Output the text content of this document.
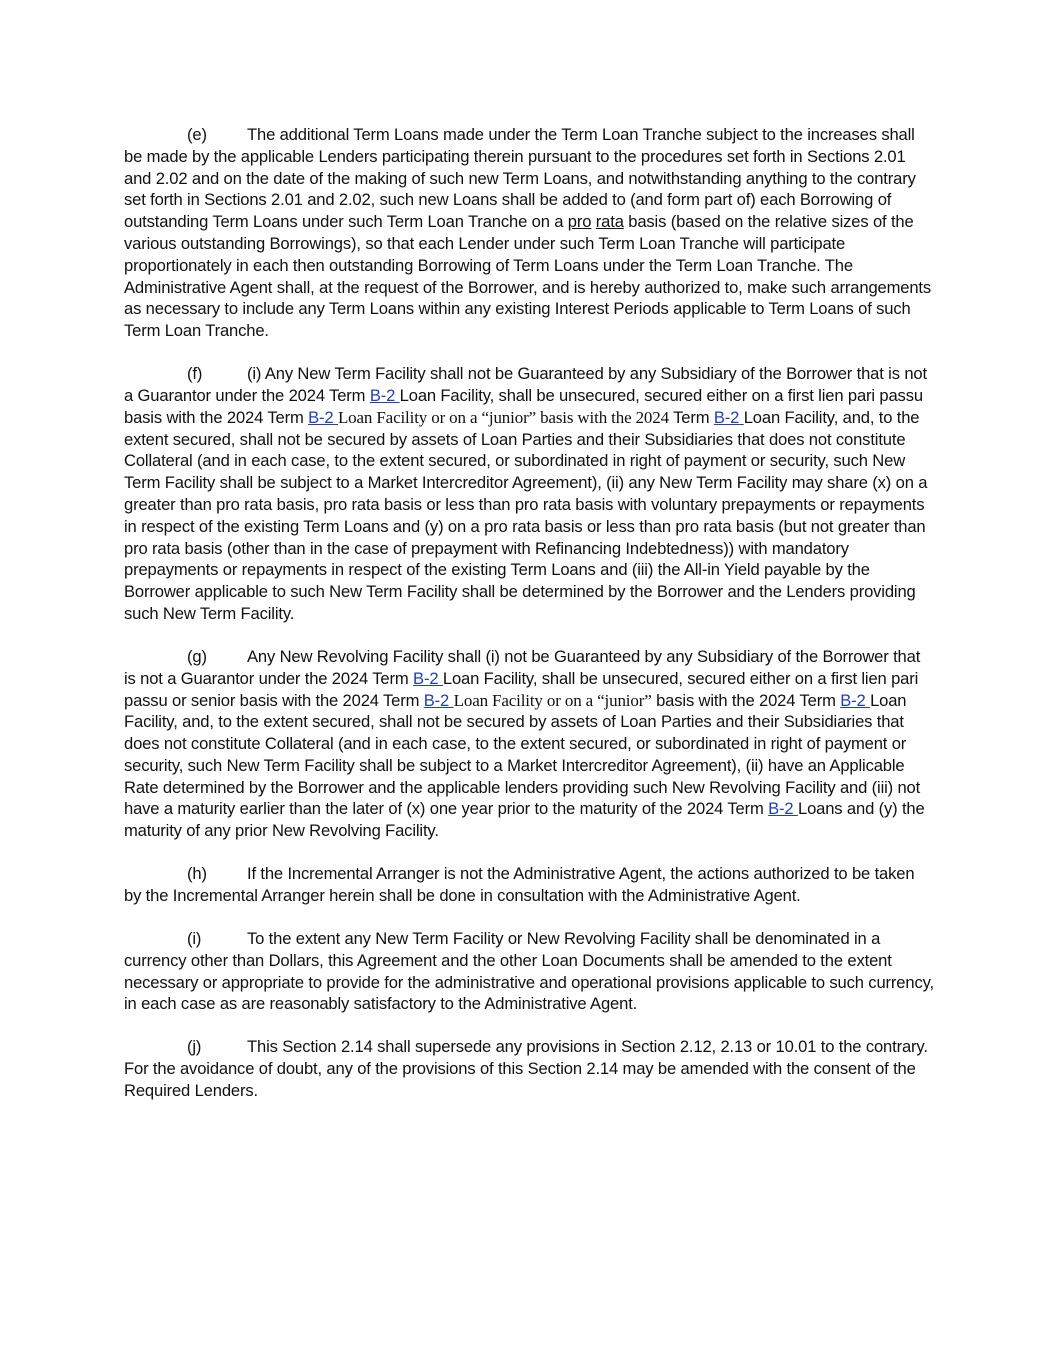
(e) The additional Term Loans made under the Term Loan Tranche subject to the increases shall be made by the applicable Lenders participating therein pursuant to the procedures set forth in Sections 2.01 and 2.02 and on the date of the making of such new Term Loans, and notwithstanding anything to the contrary set forth in Sections 2.01 and 2.02, such new Loans shall be added to (and form part of) each Borrowing of outstanding Term Loans under such Term Loan Tranche on a pro rata basis (based on the relative sizes of the various outstanding Borrowings), so that each Lender under such Term Loan Tranche will participate proportionately in each then outstanding Borrowing of Term Loans under the Term Loan Tranche. The Administrative Agent shall, at the request of the Borrower, and is hereby authorized to, make such arrangements as necessary to include any Term Loans within any existing Interest Periods applicable to Term Loans of such Term Loan Tranche.

(f)	(i) Any New Term Facility shall not be Guaranteed by any Subsidiary of the Borrower that is not a Guarantor under the 2024 Term B-2 Loan Facility, shall be unsecured, secured either on a first lien pari passu basis with the 2024 Term B-2 Loan Facility or on a “junior” basis with the 2024 Term B-2 Loan Facility, and, to the extent secured, shall not be secured by assets of Loan Parties and their Subsidiaries that does not constitute Collateral (and in each case, to the extent secured, or subordinated in right of payment or security, such New Term Facility shall be subject to a Market Intercreditor Agreement), (ii) any New Term Facility may share (x) on a greater than pro rata basis, pro rata basis or less than pro rata basis with voluntary prepayments or repayments in respect of the existing Term Loans and (y) on a pro rata basis or less than pro rata basis (but not greater than pro rata basis (other than in the case of prepayment with Refinancing Indebtedness)) with mandatory prepayments or repayments in respect of the existing Term Loans and (iii) the All-in Yield payable by the Borrower applicable to such New Term Facility shall be determined by the Borrower and the Lenders providing such New Term Facility.

(g) Any New Revolving Facility shall (i) not be Guaranteed by any Subsidiary of the Borrower that is not a Guarantor under the 2024 Term B-2 Loan Facility, shall be unsecured, secured either on a first lien pari passu or senior basis with the 2024 Term B-2 Loan Facility or on a “junior” basis with the 2024 Term B-2 Loan Facility, and, to the extent secured, shall not be secured by assets of Loan Parties and their Subsidiaries that does not constitute Collateral (and in each case, to the extent secured, or subordinated in right of payment or security, such New Term Facility shall be subject to a Market Intercreditor Agreement), (ii) have an Applicable Rate determined by the Borrower and the applicable lenders providing such New Revolving Facility and (iii) not have a maturity earlier than the later of (x) one year prior to the maturity of the 2024 Term B-2 Loans and (y) the maturity of any prior New Revolving Facility.

(h) If the Incremental Arranger is not the Administrative Agent, the actions authorized to be taken by the Incremental Arranger herein shall be done in consultation with the Administrative Agent.

(i)	To the extent any New Term Facility or New Revolving Facility shall be denominated in a currency other than Dollars, this Agreement and the other Loan Documents shall be amended to the extent necessary or appropriate to provide for the administrative and operational provisions applicable to such currency, in each case as are reasonably satisfactory to the Administrative Agent.

(j)	This Section 2.14 shall supersede any provisions in Section 2.12, 2.13 or 10.01 to the contrary. For the avoidance of doubt, any of the provisions of this Section 2.14 may be amended with the consent of the Required Lenders.
